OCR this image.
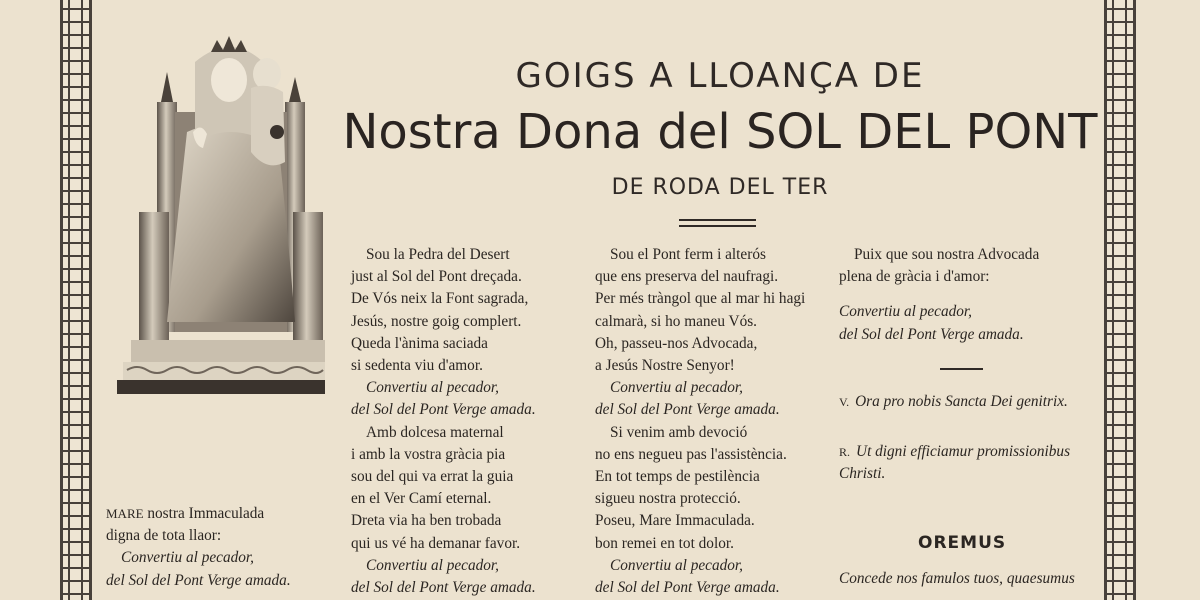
GOIGS A LLOANÇA DE
Nostra Dona del SOL DEL PONT
DE RODA DEL TER
Sou la Pedra del Desert
just al Sol del Pont dreçada.
De Vós neix la Font sagrada,
Jesús, nostre goig complert.
Queda l'ànima saciada
si sedenta viu d'amor.
Convertiu al pecador,
del Sol del Pont Verge amada.
Amb dolcesa maternal
i amb la vostra gràcia pia
sou del qui va errat la guia
en el Ver Camí eternal.
Dreta via ha ben trobada
qui us vé ha demanar favor.
Convertiu al pecador,
del Sol del Pont Verge amada.
Sou el Pont ferm i alterós
que ens preserva del naufragi.
Per més tràngol que al mar hi hagi
calmarà, si ho maneu Vós.
Oh, passeu-nos Advocada,
a Jesús Nostre Senyor!
Convertiu al pecador,
del Sol del Pont Verge amada.
Si venim amb devoció
no ens negueu pas l'assistència.
En tot temps de pestilència
sigueu nostra protecció.
Poseu, Mare Immaculada.
bon remei en tot dolor.
Convertiu al pecador,
del Sol del Pont Verge amada.
Puix que sou nostra Advocada
plena de gràcia i d'amor:
Convertiu al pecador,
del Sol del Pont Verge amada.
V. Ora pro nobis Sancta Dei genitrix.
R. Ut digni efficiamur promissionibus Christi.
OREMUS
Concede nos famulos tuos, quaesumus
MARE nostra Immaculada
digna de tota llaor:
Convertiu al pecador,
del Sol del Pont Verge amada.
